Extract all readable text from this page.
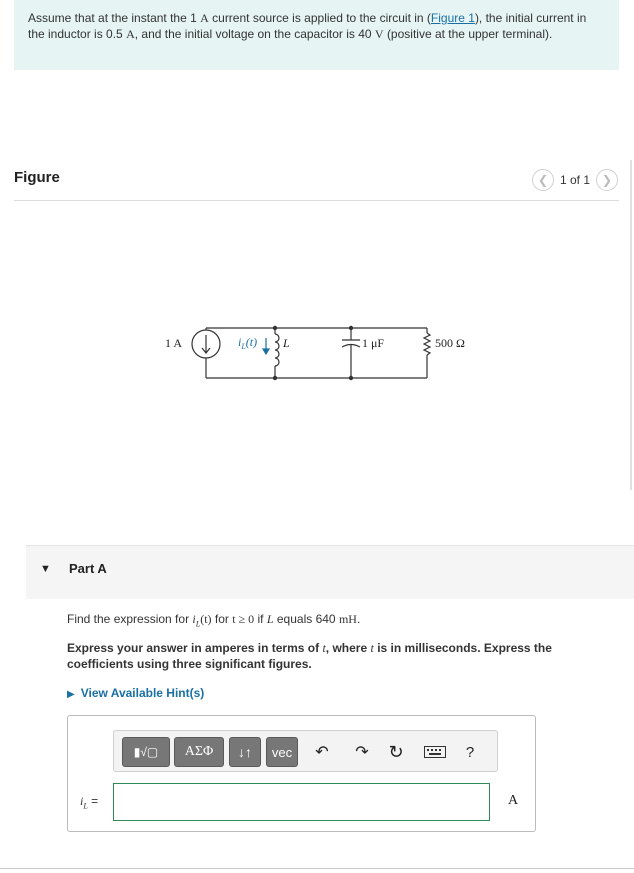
Assume that at the instant the 1 A current source is applied to the circuit in (Figure 1), the initial current in the inductor is 0.5 A, and the initial voltage on the capacitor is 40 V (positive at the upper terminal).
Figure	❮ 1 of 1 ❯
1 A	$i_L(t)$ L	1 μF	500 Ω
▼ Part A
Find the expression for $i_L(t)$ for t ≥ 0 if L equals 640 mH.
Express your answer in amperes in terms of t, where t is in milliseconds. Express the coefficients using three significant figures.
▶ View Available Hint(s)
▮√▢	ΑΣΦ	↓↑	vec	↶	↷ ↻	?
$i_L$ =	A
